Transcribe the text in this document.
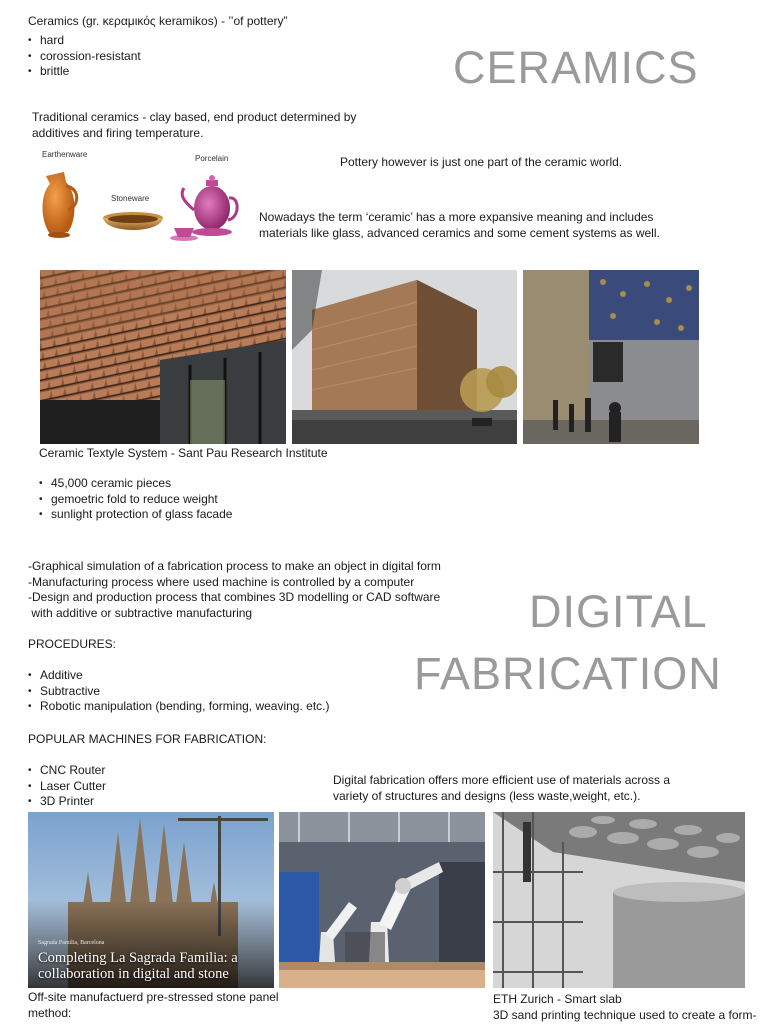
CERAMICS
Ceramics (gr. κεραμικός keramikos) - ’’of pottery”
• hard
• corossion-resistant
• brittle
Traditional ceramics - clay based, end product determined by additives and firing temperature.
Earthenware
Stoneware
Porcelain	Pottery however is just one part of the ceramic world.
Nowadays the term ‘ceramic’ has a more expansive meaning and includes materials like glass, advanced ceramics and some cement systems as well.
Ceramic Textyle System - Sant Pau Research Institute
• 45,000 ceramic pieces
• gemoetric fold to reduce weight
• sunlight protection of glass facade
-Graphical simulation of a fabrication process to make an object in digital form
-Manufacturing process where used machine is controlled by a computer
-Design and production process that combines 3D modelling or CAD software
with additive or subtractive manufacturing	DIGITAL
FABRICATION
PROCEDURES:
• Additive
• Subtractive
• Robotic manipulation (bending, forming, weaving. etc.)
POPULAR MACHINES FOR FABRICATION:
• CNC Router
• Laser Cutter
• 3D Printer
Digital fabrication offers more efficient use of materials across a variety of structures and designs (less waste,weight, etc.).
Sagrada Familia, Barcelona
Completing La Sagrada Familia: a collaboration in digital and stone
Off-site manufactuerd pre-stressed stone panel method:
ETH Zurich - Smart slab
3D sand printing technique used to create a form-
